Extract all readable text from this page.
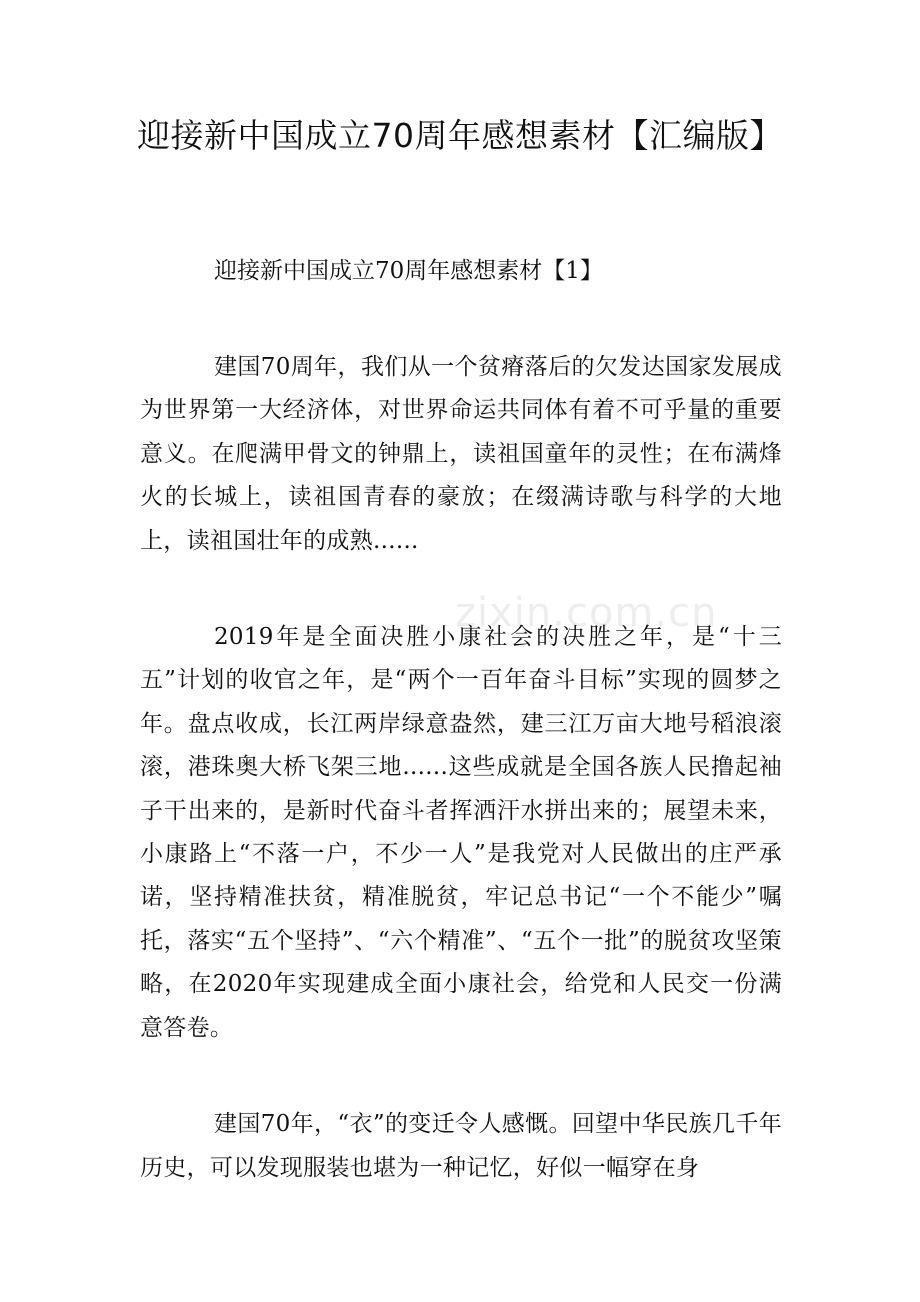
迎接新中国成立70周年感想素材【汇编版】

迎接新中国成立70周年感想素材【1】

建国70周年，我们从一个贫瘠落后的欠发达国家发展成为世界第一大经济体，对世界命运共同体有着不可乎量的重要意义。在爬满甲骨文的钟鼎上，读祖国童年的灵性；在布满烽火的长城上，读祖国青春的豪放；在缀满诗歌与科学的大地上，读祖国壮年的成熟......

2019年是全面决胜小康社会的决胜之年，是“十三五”计划的收官之年，是“两个一百年奋斗目标”实现的圆梦之年。盘点收成，长江两岸绿意盎然，建三江万亩大地号稻浪滚滚，港珠奥大桥飞架三地......这些成就是全国各族人民撸起袖子干出来的，是新时代奋斗者挥洒汗水拼出来的；展望未来，小康路上“不落一户，不少一人”是我党对人民做出的庄严承诺，坚持精准扶贫，精准脱贫，牢记总书记“一个不能少”嘱托，落实“五个坚持”、“六个精准”、“五个一批”的脱贫攻坚策略，在2020年实现建成全面小康社会，给党和人民交一份满意答卷。

建国70年，“衣”的变迁令人感慨。回望中华民族几千年历史，可以发现服装也堪为一种记忆，好似一幅穿在身

zixin.com.cn
